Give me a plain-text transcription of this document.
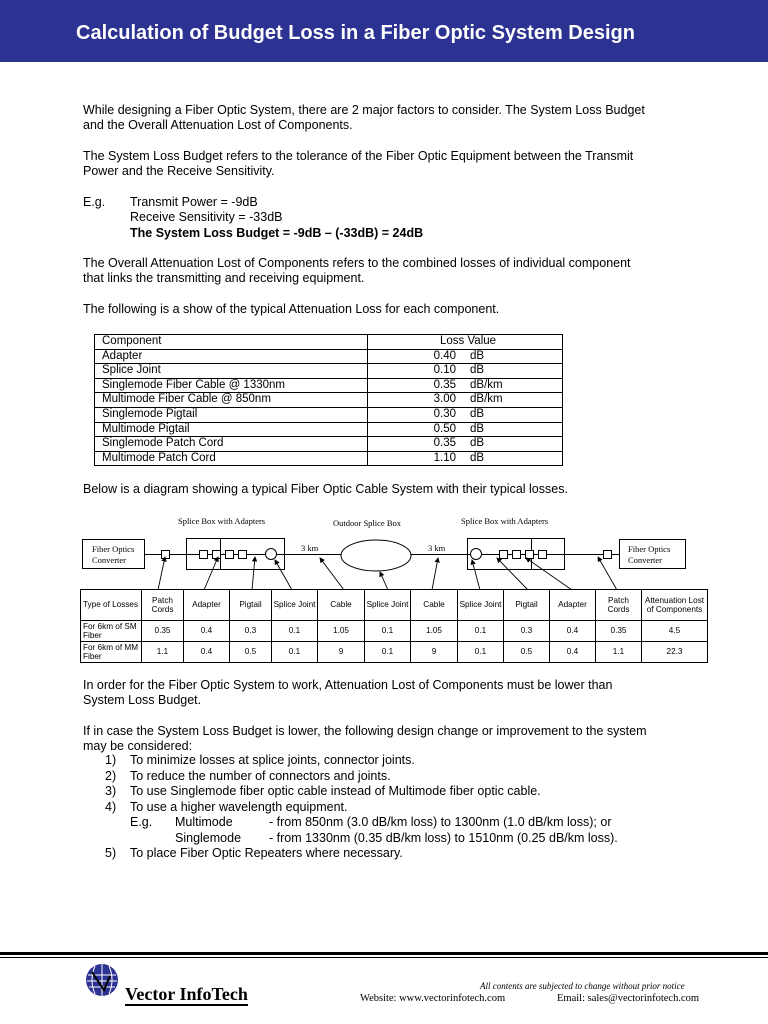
Calculation of Budget Loss in a Fiber Optic System Design
While designing a Fiber Optic System, there are 2 major factors to consider. The System Loss Budget
and the Overall Attenuation Lost of Components.
The System Loss Budget refers to the tolerance of the Fiber Optic Equipment between the Transmit
Power and the Receive Sensitivity.
E.g. Transmit Power = -9dB
Receive Sensitivity = -33dB
The System Loss Budget = -9dB – (-33dB) = 24dB
The Overall Attenuation Lost of Components refers to the combined losses of individual component
that links the transmitting and receiving equipment.
The following is a show of the typical Attenuation Loss for each component.
Component	Loss Value
Adapter	0.40 dB
Splice Joint	0.10 dB
Singlemode Fiber Cable @ 1330nm	0.35 dB/km
Multimode Fiber Cable @ 850nm	3.00 dB/km
Singlemode Pigtail	0.30 dB
Multimode Pigtail	0.50 dB
Singlemode Patch Cord	0.35 dB
Multimode Patch Cord	1.10 dB
Below is a diagram showing a typical Fiber Optic Cable System with their typical losses.
Splice Box with Adapters	Outdoor Splice Box	Splice Box with Adapters
Fiber Optics
Converter
Fiber Optics
Converter
3 km	3 km
Type of Losses	Patch Cords	Adapter	Pigtail	Splice Joint	Cable	Splice Joint	Cable	Splice Joint	Pigtail	Adapter	Patch Cords	Attenuation Lost of Components
For 6km of SM Fiber	0.35	0.4	0.3	0.1	1.05	0.1	1.05	0.1	0.3	0.4	0.35	4.5
For 6km of MM Fiber	1.1	0.4	0.5	0.1	9	0.1	9	0.1	0.5	0.4	1.1	22.3
In order for the Fiber Optic System to work, Attenuation Lost of Components must be lower than
System Loss Budget.
If in case the System Loss Budget is lower, the following design change or improvement to the system
may be considered:
1) To minimize losses at splice joints, connector joints.
2) To reduce the number of connectors and joints.
3) To use Singlemode fiber optic cable instead of Multimode fiber optic cable.
4) To use a higher wavelength equipment.
E.g. Multimode	- from 850nm (3.0 dB/km loss) to 1300nm (1.0 dB/km loss); or
Singlemode - from 1330nm (0.35 dB/km loss) to 1510nm (0.25 dB/km loss).
5) To place Fiber Optic Repeaters where necessary.
Vector InfoTech	All contents are subjected to change without prior notice
Website: www.vectorinfotech.com	Email: sales@vectorinfotech.com
